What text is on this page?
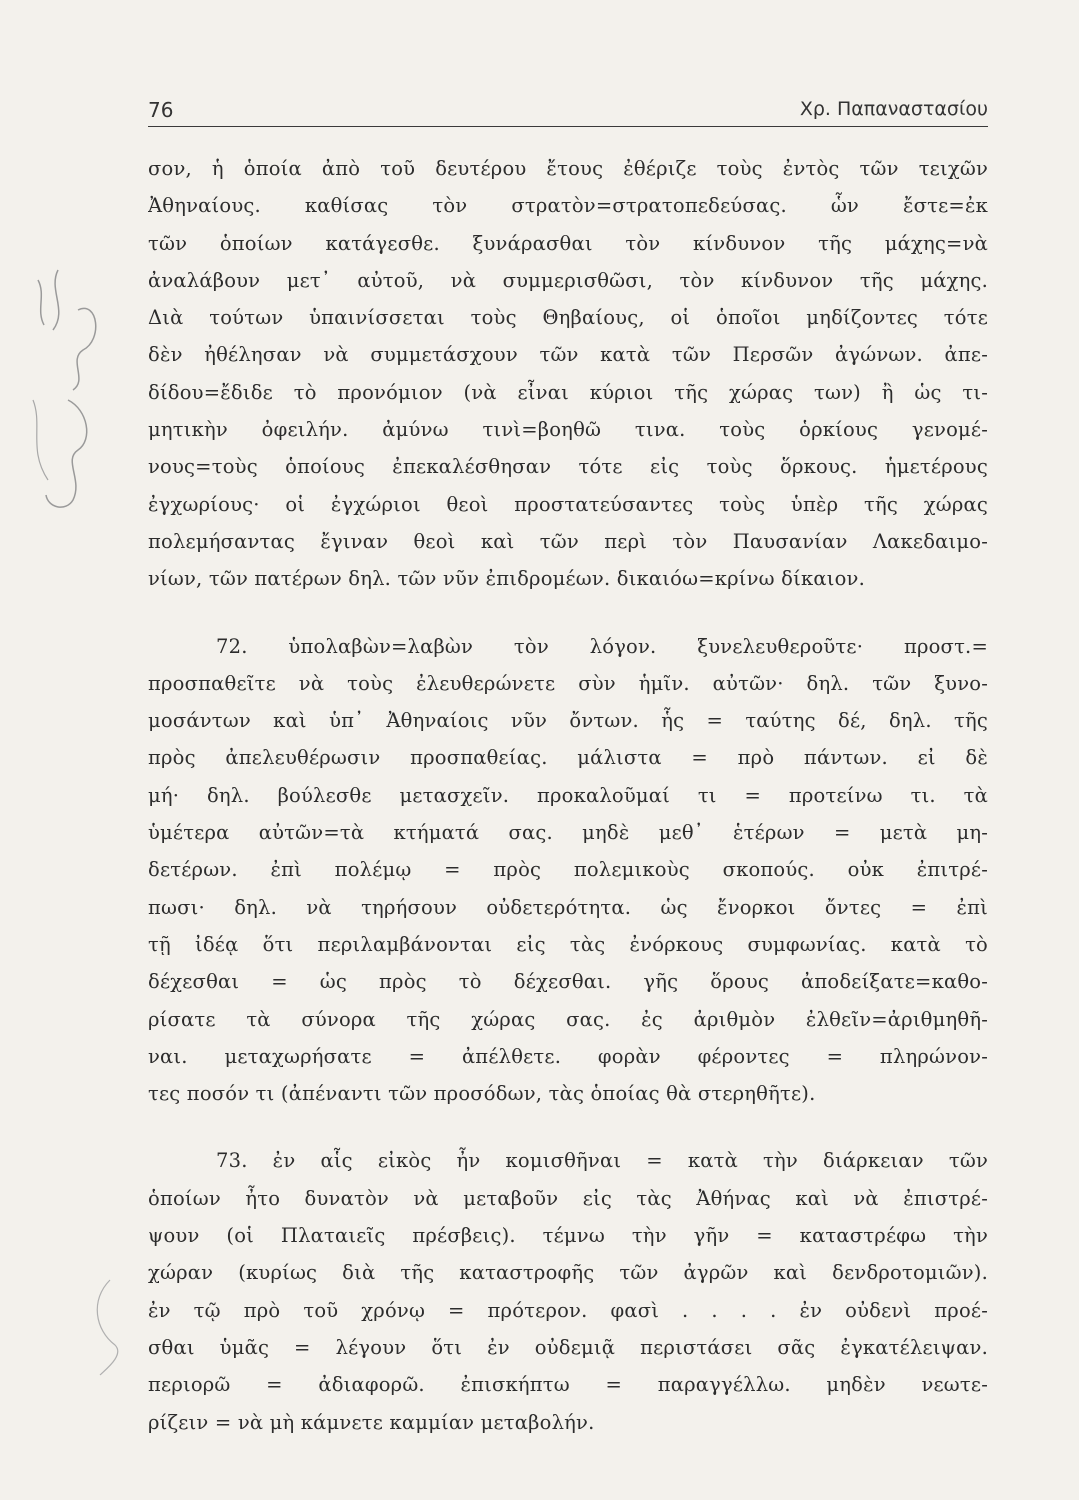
76	Χρ. Παπαναστασίου
σον, ἡ ὁποία ἀπὸ τοῦ δευτέρου ἔτους ἐθέριζε τοὺς ἐντὸς τῶν τειχῶν
Ἀθηναίους. καθίσας τὸν στρατὸν=στρατοπεδεύσας. ὧν ἔστε=ἐκ
τῶν ὁποίων κατάγεσθε. ξυνάρασθαι τὸν κίνδυνον τῆς μάχης=νὰ
ἀναλάβουν μετ᾽ αὐτοῦ, νὰ συμμερισθῶσι, τὸν κίνδυνον τῆς μάχης.
Διὰ τούτων ὑπαινίσσεται τοὺς Θηβαίους, οἱ ὁποῖοι μηδίζοντες τότε
δὲν ἠθέλησαν νὰ συμμετάσχουν τῶν κατὰ τῶν Περσῶν ἀγώνων. ἀπε-
δίδου=ἔδιδε τὸ προνόμιον (νὰ εἶναι κύριοι τῆς χώρας των) ἢ ὡς τι-
μητικὴν ὀφειλήν. ἀμύνω τινὶ=βοηθῶ τινα. τοὺς ὁρκίους γενομέ-
νους=τοὺς ὁποίους ἐπεκαλέσθησαν τότε εἰς τοὺς ὅρκους. ἡμετέρους
ἐγχωρίους· οἱ ἐγχώριοι θεοὶ προστατεύσαντες τοὺς ὑπὲρ τῆς χώρας
πολεμήσαντας ἔγιναν θεοὶ καὶ τῶν περὶ τὸν Παυσανίαν Λακεδαιμο-
νίων, τῶν πατέρων δηλ. τῶν νῦν ἐπιδρομέων. δικαιόω=κρίνω δίκαιον.
72. ὑπολαβὼν=λαβὼν τὸν λόγον. ξυνελευθεροῦτε· προστ.=
προσπαθεῖτε νὰ τοὺς ἐλευθερώνετε σὺν ἡμῖν. αὐτῶν· δηλ. τῶν ξυνο-
μοσάντων καὶ ὑπ᾽ Ἀθηναίοις νῦν ὄντων. ἧς = ταύτης δέ, δηλ. τῆς
πρὸς ἀπελευθέρωσιν προσπαθείας. μάλιστα = πρὸ πάντων. εἰ δὲ
μή· δηλ. βούλεσθε μετασχεῖν. προκαλοῦμαί τι = προτείνω τι. τὰ
ὑμέτερα αὐτῶν=τὰ κτήματά σας. μηδὲ μεθ᾽ ἑτέρων = μετὰ μη-
δετέρων. ἐπὶ πολέμῳ = πρὸς πολεμικοὺς σκοπούς. οὐκ ἐπιτρέ-
πωσι· δηλ. νὰ τηρήσουν οὐδετερότητα. ὡς ἔνορκοι ὄντες = ἐπὶ
τῇ ἰδέᾳ ὅτι περιλαμβάνονται εἰς τὰς ἐνόρκους συμφωνίας. κατὰ τὸ
δέχεσθαι = ὡς πρὸς τὸ δέχεσθαι. γῆς ὅρους ἀποδείξατε=καθο-
ρίσατε τὰ σύνορα τῆς χώρας σας. ἐς ἀριθμὸν ἐλθεῖν=ἀριθμηθῆ-
ναι. μεταχωρήσατε = ἀπέλθετε. φορὰν φέροντες = πληρώνον-
τες ποσόν τι (ἀπέναντι τῶν προσόδων, τὰς ὁποίας θὰ στερηθῆτε).
73. ἐν αἷς εἰκὸς ἦν κομισθῆναι = κατὰ τὴν διάρκειαν τῶν
ὁποίων ἦτο δυνατὸν νὰ μεταβοῦν εἰς τὰς Ἀθήνας καὶ νὰ ἐπιστρέ-
ψουν (οἱ Πλαταιεῖς πρέσβεις). τέμνω τὴν γῆν = καταστρέφω τὴν
χώραν (κυρίως διὰ τῆς καταστροφῆς τῶν ἀγρῶν καὶ δενδροτομιῶν).
ἐν τῷ πρὸ τοῦ χρόνῳ = πρότερον. φασὶ . . . . ἐν οὐδενὶ προέ-
σθαι ὑμᾶς = λέγουν ὅτι ἐν οὐδεμιᾷ περιστάσει σᾶς ἐγκατέλειψαν.
περιορῶ = ἀδιαφορῶ. ἐπισκήπτω = παραγγέλλω. μηδὲν νεωτε-
ρίζειν = νὰ μὴ κάμνετε καμμίαν μεταβολήν.
